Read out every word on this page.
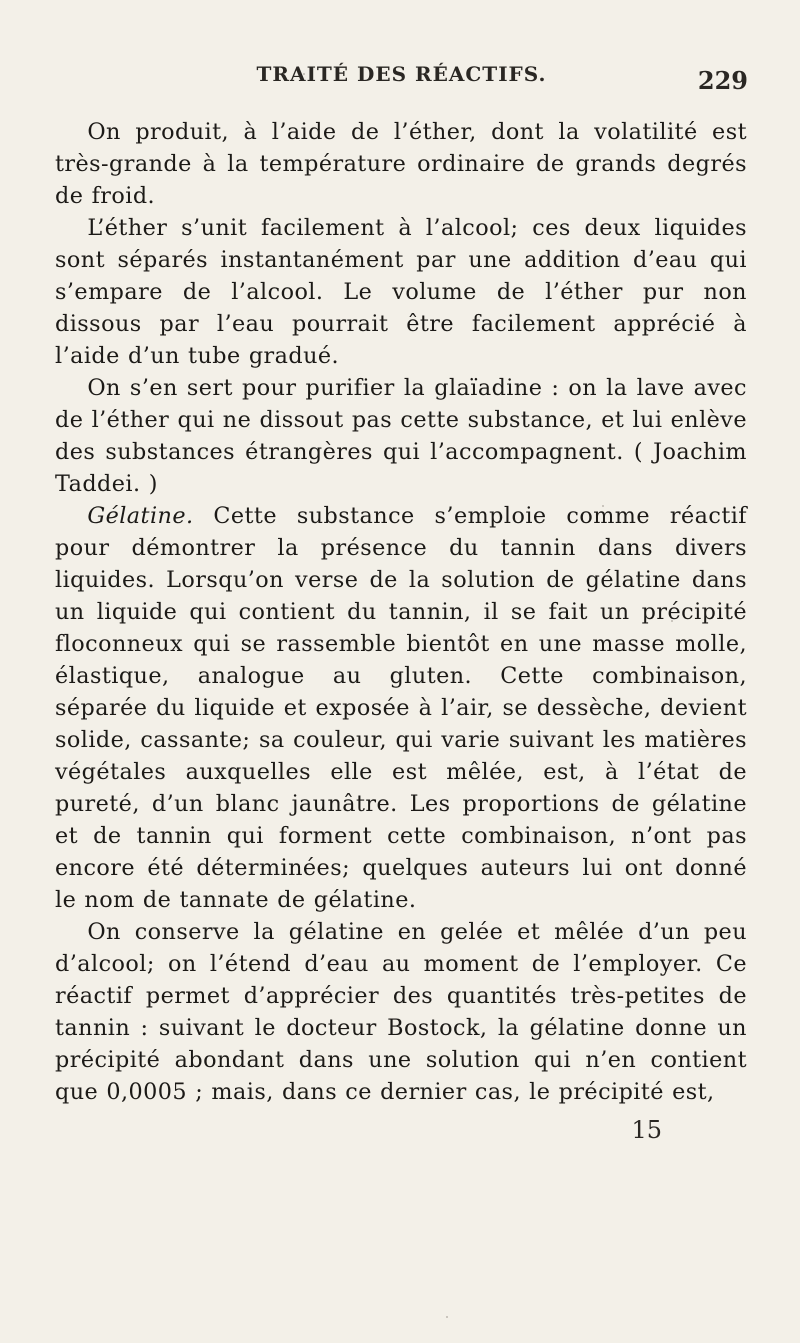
TRAITÉ DES RÉACTIFS.	229

On produit, à l’aide de l’éther, dont la volatilité est très-grande à la température ordinaire de grands degrés de froid.

L’éther s’unit facilement à l’alcool; ces deux liquides sont séparés instantanément par une addition d’eau qui s’empare de l’alcool. Le volume de l’éther pur non dissous par l’eau pourrait être facilement apprécié à l’aide d’un tube gradué.

On s’en sert pour purifier la glaïadine : on la lave avec de l’éther qui ne dissout pas cette substance, et lui enlève des substances étrangères qui l’accompagnent. ( Joachim Taddei. )

Gélatine. Cette substance s’emploie comme réactif pour démontrer la présence du tannin dans divers liquides. Lorsqu’on verse de la solution de gélatine dans un liquide qui contient du tannin, il se fait un précipité floconneux qui se rassemble bientôt en une masse molle, élastique, analogue au gluten. Cette combinaison, séparée du liquide et exposée à l’air, se dessèche, devient solide, cassante; sa couleur, qui varie suivant les matières végétales auxquelles elle est mêlée, est, à l’état de pureté, d’un blanc jaunâtre. Les proportions de gélatine et de tannin qui forment cette combinaison, n’ont pas encore été déterminées; quelques auteurs lui ont donné le nom de tannate de gélatine.

On conserve la gélatine en gelée et mêlée d’un peu d’alcool; on l’étend d’eau au moment de l’employer. Ce réactif permet d’apprécier des quantités très-petites de tannin : suivant le docteur Bostock, la gélatine donne un précipité abondant dans une solution qui n’en contient que 0,0005 ; mais, dans ce dernier cas, le précipité est,

15
